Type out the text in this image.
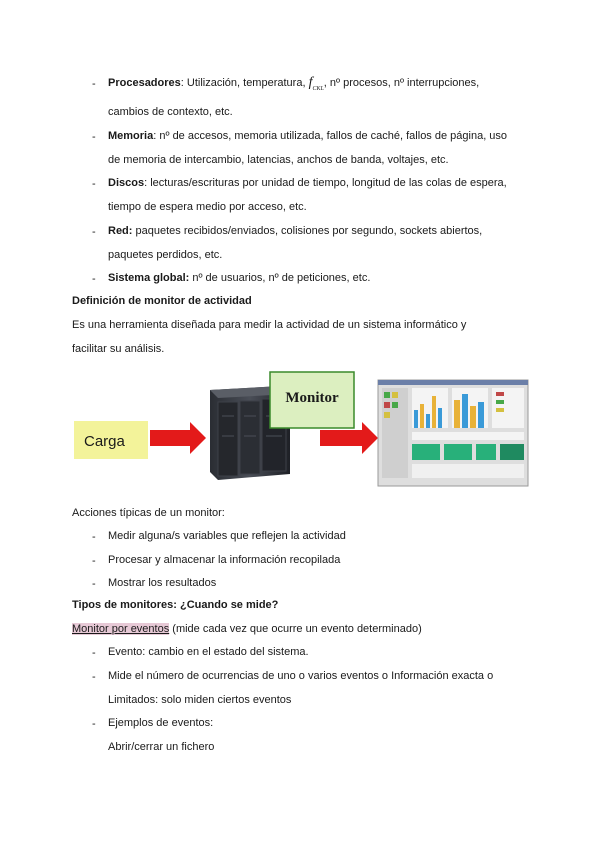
- Procesadores: Utilización, temperatura, $f_{CKL}$, nº procesos, nº interrupciones,
cambios de contexto, etc.
- Memoria: nº de accesos, memoria utilizada, fallos de caché, fallos de página, uso
de memoria de intercambio, latencias, anchos de banda, voltajes, etc.
- Discos: lecturas/escrituras por unidad de tiempo, longitud de las colas de espera,
tiempo de espera medio por acceso, etc.
- Red: paquetes recibidos/enviados, colisiones por segundo, sockets abiertos,
paquetes perdidos, etc.
- Sistema global: nº de usuarios, nº de peticiones, etc.
Definición de monitor de actividad
Es una herramienta diseñada para medir la actividad de un sistema informático y
facilitar su análisis.
Carga
Monitor
Acciones típicas de un monitor:
- Medir alguna/s variables que reflejen la actividad
- Procesar y almacenar la información recopilada
- Mostrar los resultados
Tipos de monitores: ¿Cuando se mide?
Monitor por eventos (mide cada vez que ocurre un evento determinado)
- Evento: cambio en el estado del sistema.
- Mide el número de ocurrencias de uno o varios eventos o Información exacta o
Limitados: solo miden ciertos eventos
- Ejemplos de eventos:
Abrir/cerrar un fichero
